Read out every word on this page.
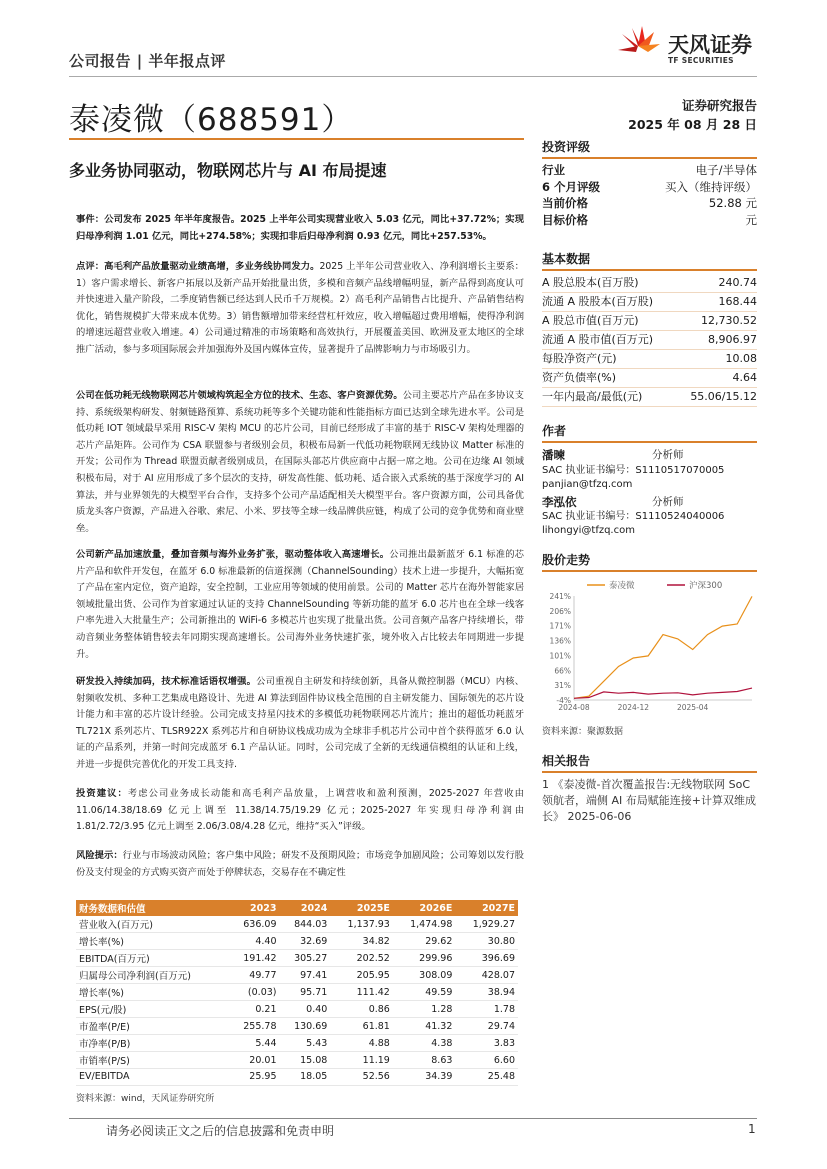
公司报告 | 半年报点评
天风证券
TF SECURITIES
泰凌微（688591）	证券研究报告
2025 年 08 月 28 日
多业务协同驱动，物联网芯片与 AI 布局提速
投资评级
行业	电子/半导体
6 个月评级	买入（维持评级）
当前价格	52.88 元
目标价格	元
基本数据
A 股总股本(百万股)	240.74
流通 A 股股本(百万股)	168.44
A 股总市值(百万元)	12,730.52
流通 A 股市值(百万元)	8,906.97
每股净资产(元)	10.08
资产负债率(%)	4.64
一年内最高/最低(元)	55.06/15.12
作者
潘暕	分析师
SAC 执业证书编号：S1110517070005
panjian@tfzq.com
李泓依	分析师
SAC 执业证书编号：S1110524040006
lihongyi@tfzq.com
股价走势
泰凌微	沪深300
241%
206%
171%
136%
101%
66%
31%
-4%
2024-08	2024-12	2025-04
资料来源：聚源数据
相关报告
1 《泰凌微-首次覆盖报告:无线物联网 SoC 领航者，端侧 AI 布局赋能连接+计算双维成长》 2025-06-06
事件：公司发布 2025 年半年度报告。2025 上半年公司实现营业收入 5.03 亿元，同比+37.72%；实现归母净利润 1.01 亿元，同比+274.58%；实现扣非后归母净利润 0.93 亿元，同比+257.53%。
点评：高毛利产品放量驱动业绩高增，多业务线协同发力。2025 上半年公司营业收入、净利润增长主要系：1）客户需求增长、新客户拓展以及新产品开始批量出货，多模和音频产品线增幅明显，新产品得到高度认可并快速进入量产阶段，二季度销售额已经达到人民币千万规模。2）高毛利产品销售占比提升、产品销售结构优化，销售规模扩大带来成本优势。3）销售额增加带来经营杠杆效应，收入增幅超过费用增幅，使得净利润的增速远超营业收入增速。4）公司通过精准的市场策略和高效执行，开展覆盖美国、欧洲及亚太地区的全球推广活动，参与多项国际展会并加强海外及国内媒体宣传，显著提升了品牌影响力与市场吸引力。
公司在低功耗无线物联网芯片领域构筑起全方位的技术、生态、客户资源优势。公司主要芯片产品在多协议支持、系统级架构研发、射频链路预算、系统功耗等多个关键功能和性能指标方面已达到全球先进水平。公司是低功耗 IOT 领域最早采用 RISC-V 架构 MCU 的芯片公司，目前已经形成了丰富的基于 RISC-V 架构处理器的芯片产品矩阵。公司作为 CSA 联盟参与者级别会员，积极布局新一代低功耗物联网无线协议 Matter 标准的开发；公司作为 Thread 联盟贡献者级别成员，在国际头部芯片供应商中占据一席之地。公司在边缘 AI 领域积极布局，对于 AI 应用形成了多个层次的支持，研发高性能、低功耗、适合嵌入式系统的基于深度学习的 AI 算法，并与业界领先的大模型平台合作，支持多个公司产品适配相关大模型平台。客户资源方面，公司具备优质龙头客户资源，产品进入谷歌、索尼、小米、罗技等全球一线品牌供应链，构成了公司的竞争优势和商业壁垒。
公司新产品加速放量，叠加音频与海外业务扩张，驱动整体收入高速增长。公司推出最新蓝牙 6.1 标准的芯片产品和软件开发包，在蓝牙 6.0 标准最新的信道探测（ChannelSounding）技术上进一步提升，大幅拓宽了产品在室内定位，资产追踪，安全控制，工业应用等领域的使用前景。公司的 Matter 芯片在海外智能家居领域批量出货、公司作为首家通过认证的支持 ChannelSounding 等新功能的蓝牙 6.0 芯片也在全球一线客户率先进入大批量生产；公司新推出的 WiFi-6 多模芯片也实现了批量出货。公司音频产品客户持续增长，带动音频业务整体销售较去年同期实现高速增长。公司海外业务快速扩张，境外收入占比较去年同期进一步提升。
研发投入持续加码，技术标准话语权增强。公司重视自主研发和持续创新，具备从微控制器（MCU）内核、射频收发机、多种工艺集成电路设计、先进 AI 算法到固件协议栈全范围的自主研发能力、国际领先的芯片设计能力和丰富的芯片设计经验。公司完成支持星闪技术的多模低功耗物联网芯片流片；推出的超低功耗蓝牙 TL721X 系列芯片、TLSR922X 系列芯片和自研协议栈成功成为全球非手机芯片公司中首个获得蓝牙 6.0 认证的产品系列，并第一时间完成蓝牙 6.1 产品认证。同时，公司完成了全新的无线通信模组的认证和上线，并进一步提供完善优化的开发工具支持.
投资建议：考虑公司业务成长动能和高毛利产品放量，上调营收和盈利预测，2025-2027 年营收由 11.06/14.38/18.69 亿元上调至 11.38/14.75/19.29 亿元；2025-2027 年实现归母净利润由 1.81/2.72/3.95 亿元上调至 2.06/3.08/4.28 亿元，维持“买入”评级。
风险提示：行业与市场波动风险；客户集中风险；研发不及预期风险；市场竞争加剧风险；公司筹划以发行股份及支付现金的方式购买资产而处于停牌状态，交易存在不确定性
财务数据和估值	2023	2024	2025E	2026E	2027E
营业收入(百万元)	636.09	844.03	1,137.93	1,474.98	1,929.27
增长率(%)	4.40	32.69	34.82	29.62	30.80
EBITDA(百万元)	191.42	305.27	202.52	299.96	396.69
归属母公司净利润(百万元)	49.77	97.41	205.95	308.09	428.07
增长率(%)	(0.03)	95.71	111.42	49.59	38.94
EPS(元/股)	0.21	0.40	0.86	1.28	1.78
市盈率(P/E)	255.78	130.69	61.81	41.32	29.74
市净率(P/B)	5.44	5.43	4.88	4.38	3.83
市销率(P/S)	20.01	15.08	11.19	8.63	6.60
EV/EBITDA	25.95	18.05	52.56	34.39	25.48
资料来源：wind，天风证券研究所
请务必阅读正文之后的信息披露和免责申明	1
